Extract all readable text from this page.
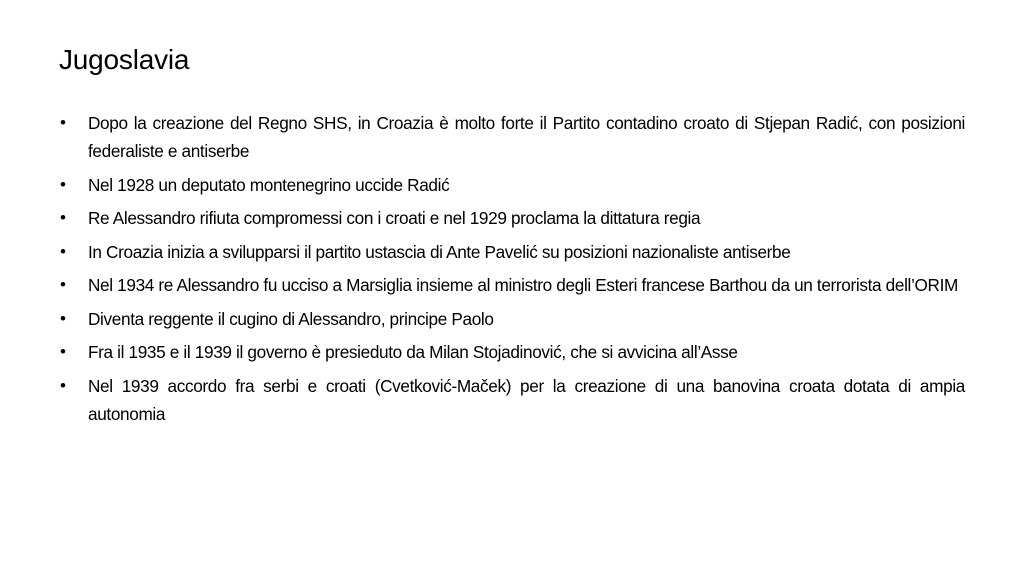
Jugoslavia
•	Dopo la creazione del Regno SHS, in Croazia è molto forte il Partito contadino croato di Stjepan Radić, con posizioni federaliste e antiserbe
•	Nel 1928 un deputato montenegrino uccide Radić
•	Re Alessandro rifiuta compromessi con i croati e nel 1929 proclama la dittatura regia
•	In Croazia inizia a svilupparsi il partito ustascia di Ante Pavelić su posizioni nazionaliste antiserbe
•	Nel 1934 re Alessandro fu ucciso a Marsiglia insieme al ministro degli Esteri francese Barthou da un terrorista dell’ORIM
•	Diventa reggente il cugino di Alessandro, principe Paolo
•	Fra il 1935 e il 1939 il governo è presieduto da Milan Stojadinović, che si avvicina all’Asse
•	Nel 1939 accordo fra serbi e croati (Cvetković-Maček) per la creazione di una banovina croata dotata di ampia autonomia
